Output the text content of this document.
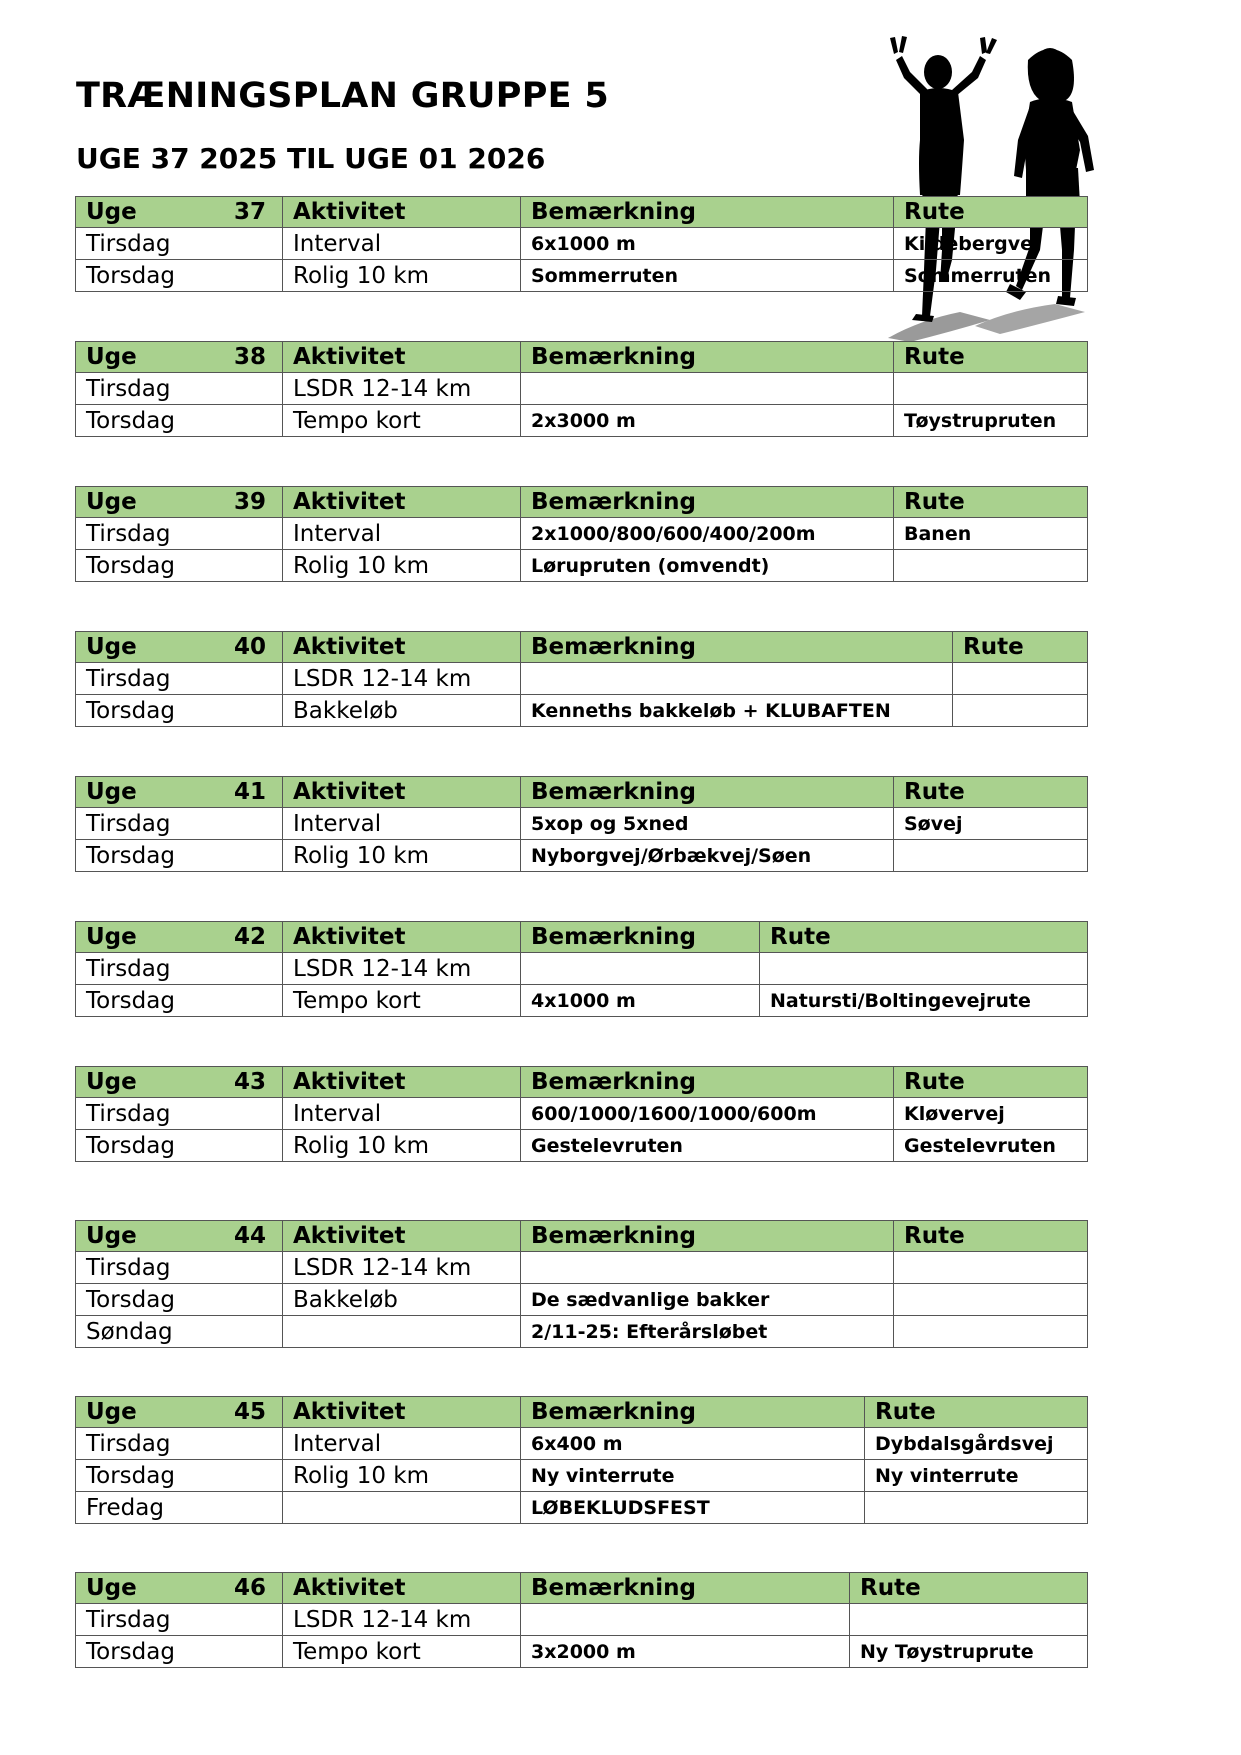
TRÆNINGSPLAN GRUPPE 5
UGE 37 2025 TIL UGE 01 2026
Uge 37	Aktivitet	Bemærkning	Rute
Tirsdag	Interval	6x1000 m	Kildebergvej
Torsdag	Rolig 10 km	Sommerruten	Sommerruten
Uge 38	Aktivitet	Bemærkning	Rute
Tirsdag	LSDR 12-14 km		
Torsdag	Tempo kort	2x3000 m	Tøystrupruten
Uge 39	Aktivitet	Bemærkning	Rute
Tirsdag	Interval	2x1000/800/600/400/200m	Banen
Torsdag	Rolig 10 km	Lørupruten (omvendt)	
Uge 40	Aktivitet	Bemærkning	Rute
Tirsdag	LSDR 12-14 km		
Torsdag	Bakkeløb	Kenneths bakkeløb + KLUBAFTEN	
Uge 41	Aktivitet	Bemærkning	Rute
Tirsdag	Interval	5xop og 5xned	Søvej
Torsdag	Rolig 10 km	Nyborgvej/Ørbækvej/Søen	
Uge 42	Aktivitet	Bemærkning	Rute
Tirsdag	LSDR 12-14 km		
Torsdag	Tempo kort	4x1000 m	Natursti/Boltingevejrute
Uge 43	Aktivitet	Bemærkning	Rute
Tirsdag	Interval	600/1000/1600/1000/600m	Kløvervej
Torsdag	Rolig 10 km	Gestelevruten	Gestelevruten
Uge 44	Aktivitet	Bemærkning	Rute
Tirsdag	LSDR 12-14 km		
Torsdag	Bakkeløb	De sædvanlige bakker	
Søndag		2/11-25: Efterårsløbet	
Uge 45	Aktivitet	Bemærkning	Rute
Tirsdag	Interval	6x400 m	Dybdalsgårdsvej
Torsdag	Rolig 10 km	Ny vinterrute	Ny vinterrute
Fredag		LØBEKLUDSFEST	
Uge 46	Aktivitet	Bemærkning	Rute
Tirsdag	LSDR 12-14 km		
Torsdag	Tempo kort	3x2000 m	Ny Tøystruprute
